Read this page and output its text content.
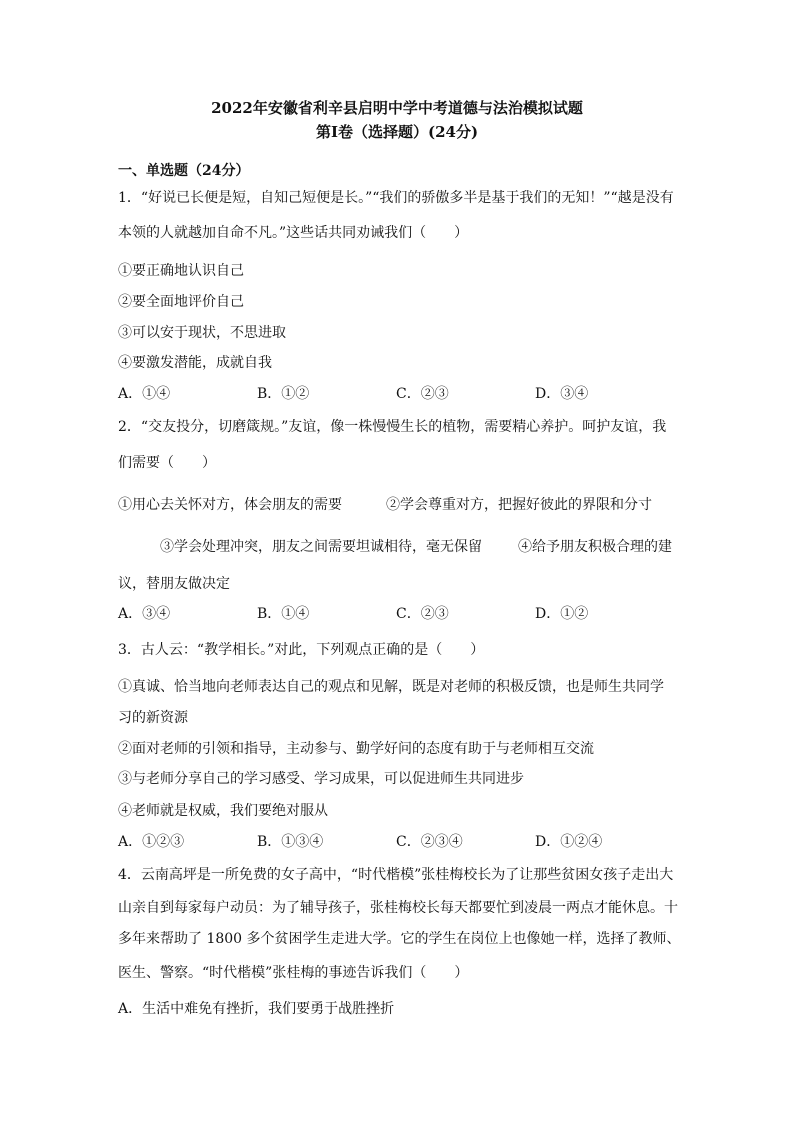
2022年安徽省利辛县启明中学中考道德与法治模拟试题
第Ⅰ卷（选择题）(24分)
一、单选题（24分）
1．“好说已长便是短，自知己短便是长。”“我们的骄傲多半是基于我们的无知！”“越是没有
本领的人就越加自命不凡。”这些话共同劝诫我们（　　）
①要正确地认识自己
②要全面地评价自己
③可以安于现状，不思进取
④要激发潜能，成就自我
A．①④	B．①②	C．②③	D．③④
2．“交友投分，切磨箴规。”友谊，像一株慢慢生长的植物，需要精心养护。呵护友谊，我
们需要（　　）
①用心去关怀对方，体会朋友的需要	②学会尊重对方，把握好彼此的界限和分寸
③学会处理冲突，朋友之间需要坦诚相待，毫无保留	④给予朋友积极合理的建
议，替朋友做决定
A．③④	B．①④	C．②③	D．①②
3．古人云：“教学相长。”对此，下列观点正确的是（　　）
①真诚、恰当地向老师表达自己的观点和见解，既是对老师的积极反馈，也是师生共同学
习的新资源
②面对老师的引领和指导，主动参与、勤学好问的态度有助于与老师相互交流
③与老师分享自己的学习感受、学习成果，可以促进师生共同进步
④老师就是权威，我们要绝对服从
A．①②③	B．①③④	C．②③④	D．①②④
4．云南高坪是一所免费的女子高中，“时代楷模”张桂梅校长为了让那些贫困女孩子走出大
山亲自到每家每户动员：为了辅导孩子，张桂梅校长每天都要忙到凌晨一两点才能休息。十
多年来帮助了 1800 多个贫困学生走进大学。它的学生在岗位上也像她一样，选择了教师、
医生、警察。“时代楷模”张桂梅的事迹告诉我们（　　）
A．生活中难免有挫折，我们要勇于战胜挫折
